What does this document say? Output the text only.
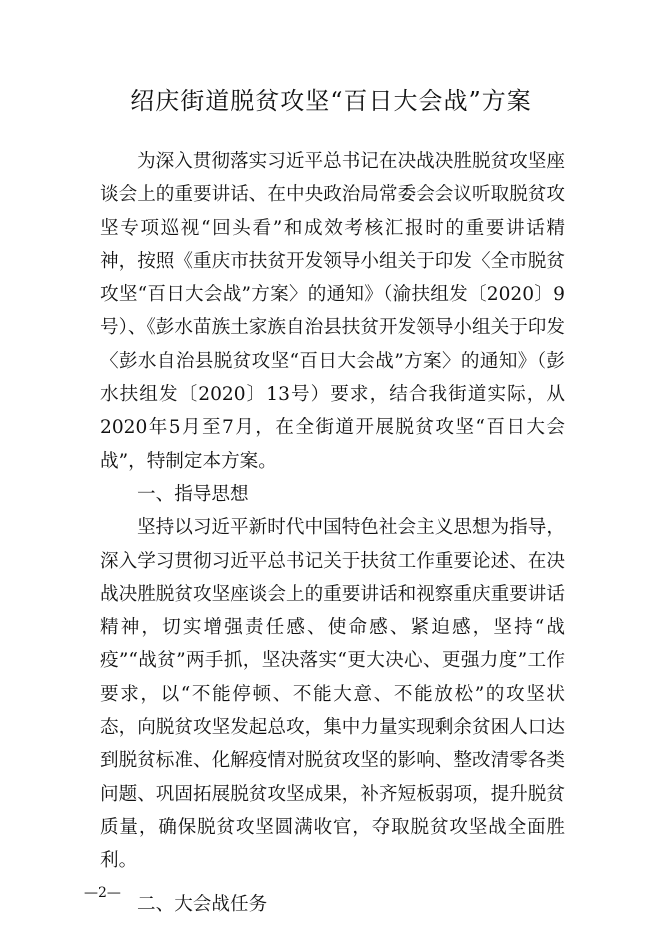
绍庆街道脱贫攻坚“百日大会战”方案

为深入贯彻落实习近平总书记在决战决胜脱贫攻坚座谈会上的重要讲话、在中央政治局常委会会议听取脱贫攻坚专项巡视“回头看”和成效考核汇报时的重要讲话精神，按照《重庆市扶贫开发领导小组关于印发〈全市脱贫攻坚“百日大会战”方案〉的通知》（渝扶组发〔2020〕9号）、《彭水苗族土家族自治县扶贫开发领导小组关于印发〈彭水自治县脱贫攻坚“百日大会战”方案〉的通知》（彭水扶组发〔2020〕13号）要求，结合我街道实际，从2020年5月至7月，在全街道开展脱贫攻坚“百日大会战”，特制定本方案。

一、指导思想

坚持以习近平新时代中国特色社会主义思想为指导，深入学习贯彻习近平总书记关于扶贫工作重要论述、在决战决胜脱贫攻坚座谈会上的重要讲话和视察重庆重要讲话精神，切实增强责任感、使命感、紧迫感，坚持“战疫”“战贫”两手抓，坚决落实“更大决心、更强力度”工作要求，以“不能停顿、不能大意、不能放松”的攻坚状态，向脱贫攻坚发起总攻，集中力量实现剩余贫困人口达到脱贫标准、化解疫情对脱贫攻坚的影响、整改清零各类问题、巩固拓展脱贫攻坚成果，补齐短板弱项，提升脱贫质量，确保脱贫攻坚圆满收官，夺取脱贫攻坚战全面胜利。

二、大会战任务

—2—
